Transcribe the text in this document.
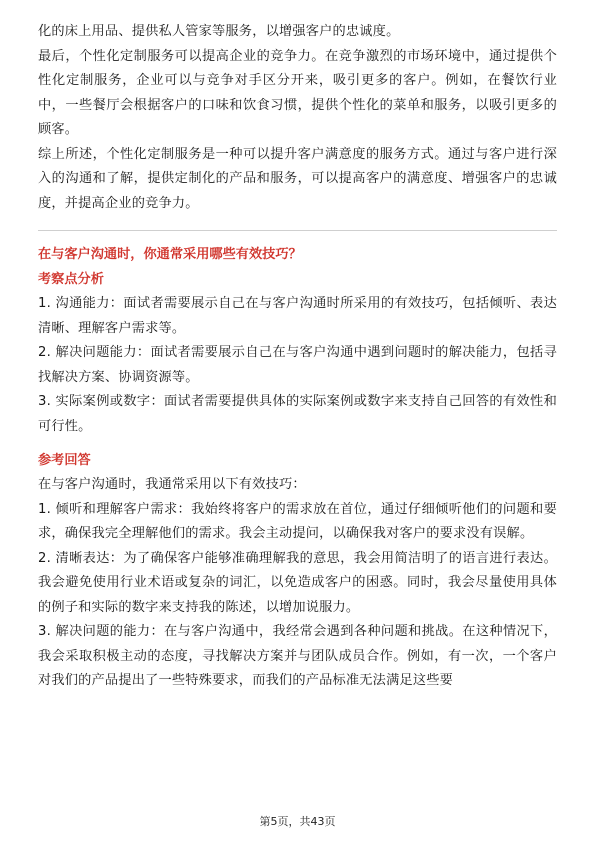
化的床上用品、提供私人管家等服务，以增强客户的忠诚度。

最后，个性化定制服务可以提高企业的竞争力。在竞争激烈的市场环境中，通过提供个性化定制服务，企业可以与竞争对手区分开来，吸引更多的客户。例如，在餐饮行业中，一些餐厅会根据客户的口味和饮食习惯，提供个性化的菜单和服务，以吸引更多的顾客。

综上所述，个性化定制服务是一种可以提升客户满意度的服务方式。通过与客户进行深入的沟通和了解，提供定制化的产品和服务，可以提高客户的满意度、增强客户的忠诚度，并提高企业的竞争力。

在与客户沟通时，你通常采用哪些有效技巧？
考察点分析

1. 沟通能力：面试者需要展示自己在与客户沟通时所采用的有效技巧，包括倾听、表达清晰、理解客户需求等。

2. 解决问题能力：面试者需要展示自己在与客户沟通中遇到问题时的解决能力，包括寻找解决方案、协调资源等。

3. 实际案例或数字：面试者需要提供具体的实际案例或数字来支持自己回答的有效性和可行性。

参考回答

在与客户沟通时，我通常采用以下有效技巧：

1. 倾听和理解客户需求：我始终将客户的需求放在首位，通过仔细倾听他们的问题和要求，确保我完全理解他们的需求。我会主动提问，以确保我对客户的要求没有误解。

2. 清晰表达：为了确保客户能够准确理解我的意思，我会用简洁明了的语言进行表达。我会避免使用行业术语或复杂的词汇，以免造成客户的困惑。同时，我会尽量使用具体的例子和实际的数字来支持我的陈述，以增加说服力。

3. 解决问题的能力：在与客户沟通中，我经常会遇到各种问题和挑战。在这种情况下，我会采取积极主动的态度，寻找解决方案并与团队成员合作。例如，有一次，一个客户对我们的产品提出了一些特殊要求，而我们的产品标准无法满足这些要

第5页，共43页
